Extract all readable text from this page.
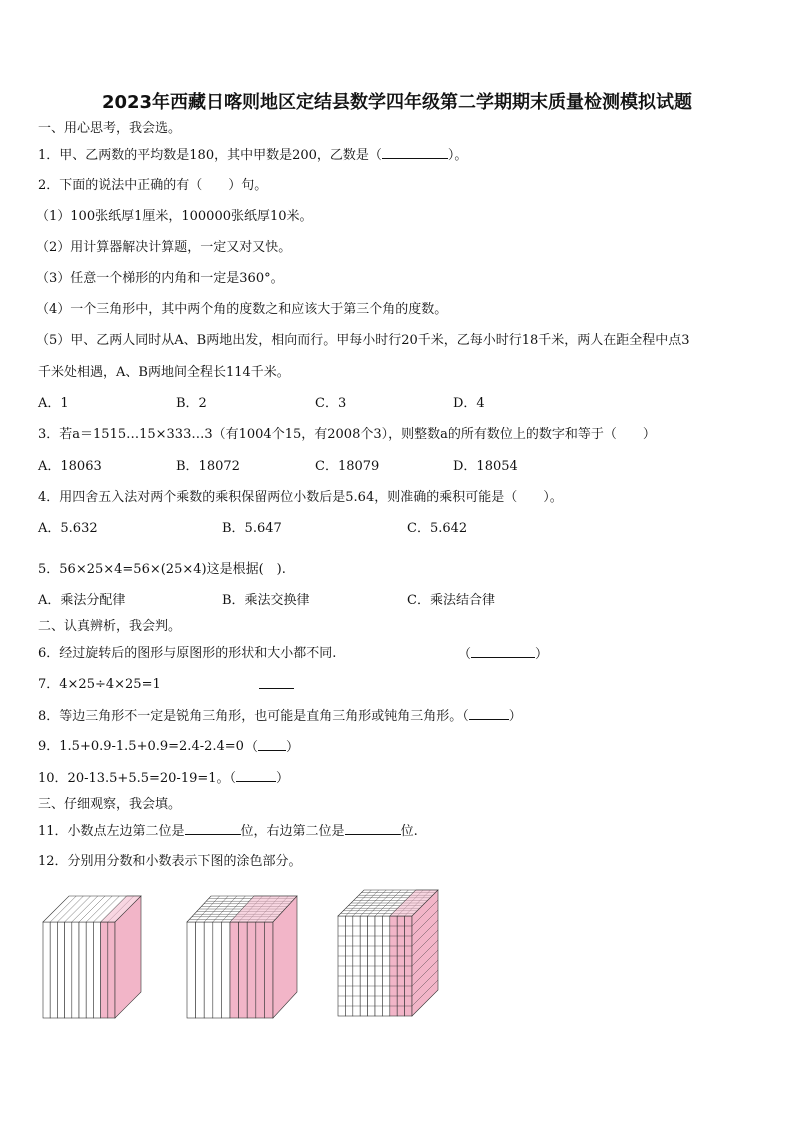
2023年西藏日喀则地区定结县数学四年级第二学期期末质量检测模拟试题
一、用心思考，我会选。
1．甲、乙两数的平均数是180，其中甲数是200，乙数是（	）。
2．下面的说法中正确的有（　　）句。
（1）100张纸厚1厘米，100000张纸厚10米。
（2）用计算器解决计算题，一定又对又快。
（3）任意一个梯形的内角和一定是360°。
（4）一个三角形中，其中两个角的度数之和应该大于第三个角的度数。
（5）甲、乙两人同时从A、B两地出发，相向而行。甲每小时行20千米，乙每小时行18千米，两人在距全程中点3
千米处相遇，A、B两地间全程长114千米。
A．1	B．2	C．3	D．4
3．若a＝1515…15×333…3（有1004个15，有2008个3），则整数a的所有数位上的数字和等于（　　）
A．18063	B．18072	C．18079	D．18054
4．用四舍五入法对两个乘数的乘积保留两位小数后是5.64，则准确的乘积可能是（　　）。
A．5.632	B．5.647	C．5.642
5．56×25×4=56×(25×4)这是根据(　).
A．乘法分配律	B．乘法交换律	C．乘法结合律
二、认真辨析，我会判。
6．经过旋转后的图形与原图形的形状和大小都不同.	（	）
7．4×25÷4×25=1
8．等边三角形不一定是锐角三角形，也可能是直角三角形或钝角三角形。（	）
9．1.5+0.9-1.5+0.9=2.4-2.4=0 （ ）
10．20-13.5+5.5=20-19=1。（	）
三、仔细观察，我会填。
11．小数点左边第二位是	位，右边第二位是	位.
12．分别用分数和小数表示下图的涂色部分。
